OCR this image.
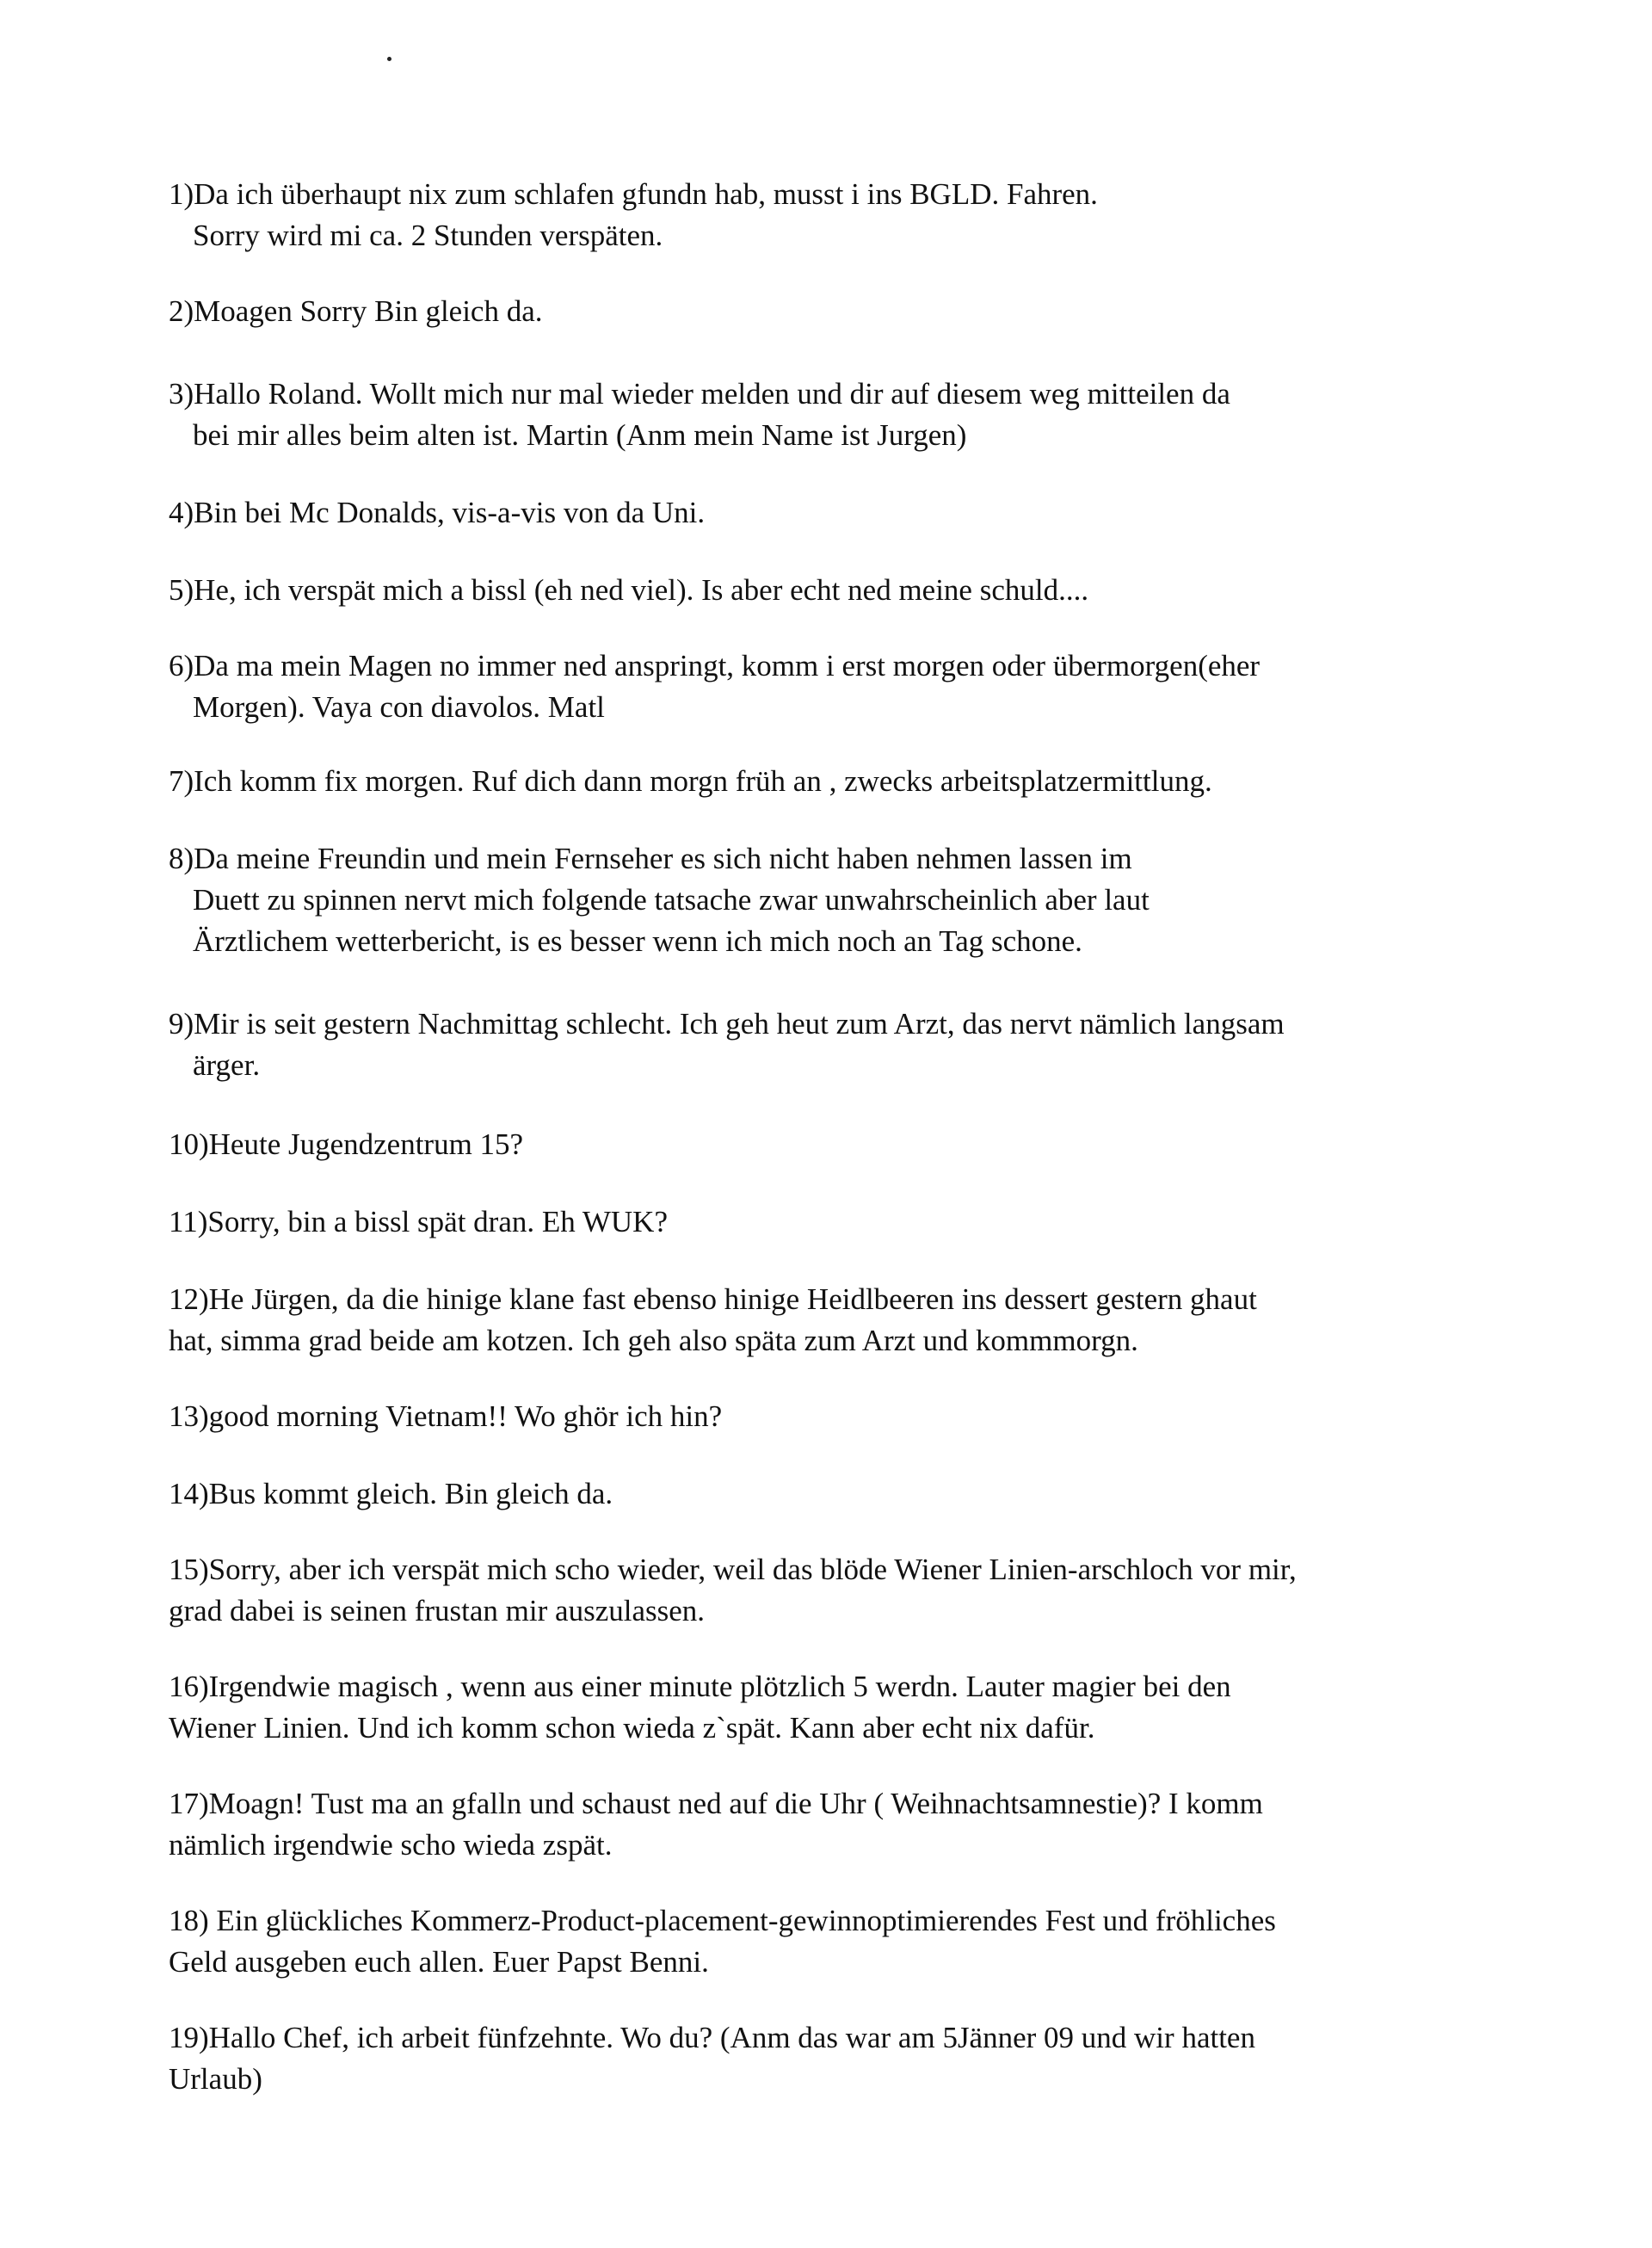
1)Da ich überhaupt nix zum schlafen gfundn hab, musst i ins BGLD. Fahren.
Sorry wird mi ca. 2 Stunden verspäten.

2)Moagen Sorry Bin gleich da.

3)Hallo Roland. Wollt mich nur mal wieder melden und dir auf diesem weg mitteilen da
bei mir alles beim alten ist. Martin (Anm mein Name ist Jurgen)

4)Bin bei Mc Donalds, vis-a-vis von da Uni.

5)He, ich verspät mich a bissl (eh ned viel). Is aber echt ned meine schuld....

6)Da ma mein Magen no immer ned anspringt, komm i erst morgen oder übermorgen(eher
Morgen). Vaya con diavolos. Matl

7)Ich komm fix morgen. Ruf dich dann morgn früh an , zwecks arbeitsplatzermittlung.

8)Da meine Freundin und mein Fernseher es sich nicht haben nehmen lassen im
Duett zu spinnen nervt mich folgende tatsache zwar unwahrscheinlich aber laut
Ärztlichem wetterbericht, is es besser wenn ich mich noch an Tag schone.

9)Mir is seit gestern Nachmittag schlecht. Ich geh heut zum Arzt, das nervt nämlich langsam
ärger.

10)Heute Jugendzentrum 15?

11)Sorry, bin a bissl spät dran. Eh WUK?

12)He Jürgen, da die hinige klane fast ebenso hinige Heidlbeeren ins dessert gestern ghaut
hat, simma grad beide am kotzen. Ich geh also späta zum Arzt und kommmorgn.

13)good morning Vietnam!! Wo ghör ich hin?

14)Bus kommt gleich. Bin gleich da.

15)Sorry, aber ich verspät mich scho wieder, weil das blöde Wiener Linien-arschloch vor mir,
grad dabei is seinen frustan mir auszulassen.

16)Irgendwie magisch , wenn aus einer minute plötzlich 5 werdn. Lauter magier bei den
Wiener Linien. Und ich komm schon wieda z`spät. Kann aber echt nix dafür.

17)Moagn! Tust ma an gfalln und schaust ned auf die Uhr ( Weihnachtsamnestie)? I komm
nämlich irgendwie scho wieda zspät.

18) Ein glückliches Kommerz-Product-placement-gewinnoptimierendes Fest und fröhliches
Geld ausgeben euch allen. Euer Papst Benni.

19)Hallo Chef, ich arbeit fünfzehnte. Wo du? (Anm das war am 5Jänner 09 und wir hatten
Urlaub)
